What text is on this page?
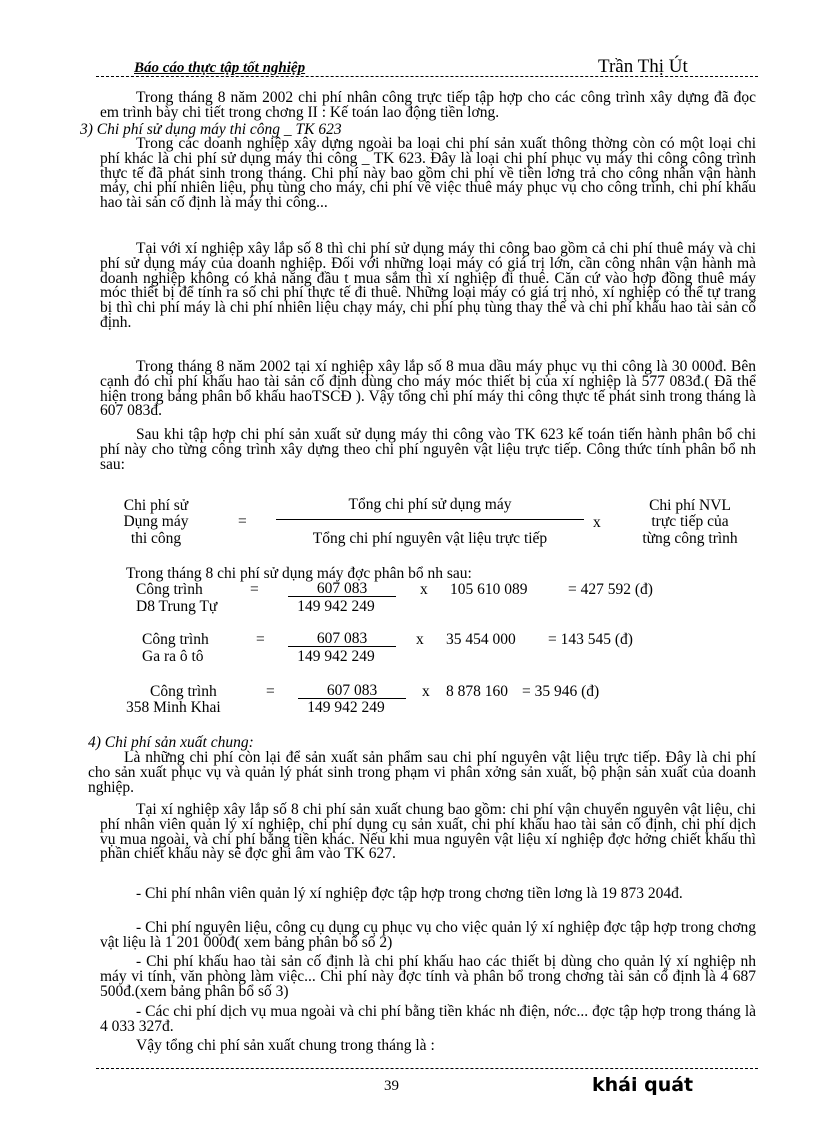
Báo cáo thực tập tốt nghiệp	Trần Thị Út

Trong tháng 8 năm 2002 chi phí nhân công trực tiếp tập hợp cho các công trình xây dựng đã đọc em trình bày chi tiết trong chơng II : Kế toán lao động tiền lơng.

3) Chi phí sử dụng máy thi công _ TK 623

Trong các doanh nghiệp xây dựng ngoài ba loại chi phí sản xuất thông thờng còn có một loại chi phí khác là chi phí sử dụng máy thi công _ TK 623. Đây là loại chi phí phục vụ máy thi công công trình thực tế đã phát sinh trong tháng. Chi phí này bao gồm chi phí về tiền lơng trả cho công nhân vận hành máy, chi phí nhiên liệu, phụ tùng cho máy, chi phí về việc thuê máy phục vụ cho công trình, chi phí khấu hao tài sản cố định là máy thi công...

Tại với xí nghiệp xây lắp số 8 thì chi phí sử dụng máy thi công bao gồm cả chi phí thuê máy và chi phí sử dụng máy của doanh nghiệp. Đối với những loại máy có giá trị lớn, cần công nhân vận hành mà doanh nghiệp không có khả năng đầu t mua sắm thì xí nghiệp đi thuê. Căn cứ vào hợp đồng thuê máy móc thiết bị để tính ra số chi phí thực tế đi thuê. Những loại máy có giá trị nhỏ, xí nghiệp có thể tự trang bị thì chi phí máy là chi phí nhiên liệu chạy máy, chi phí phụ tùng thay thế và chi phí khấu hao tài sản cố định.

Trong tháng 8 năm 2002 tại xí nghiệp xây lắp số 8 mua dầu máy phục vụ thi công là 30 000đ. Bên cạnh đó chi phí khấu hao tài sản cố định dùng cho máy móc thiết bị của xí nghiệp là 577 083đ.( Đã thể hiện trong bảng phân bổ khấu haoTSCĐ ). Vậy tổng chi phí máy thi công thực tế phát sinh trong tháng là 607 083đ.

Sau khi tập hợp chi phí sản xuất sử dụng máy thi công vào TK 623 kế toán tiến hành phân bổ chi phí này cho từng công trình xây dựng theo chi phí nguyên vật liệu trực tiếp. Công thức tính phân bổ nh sau:

Chi phí sử
Dụng máy
thi công
=
Tổng chi phí sử dụng máy
Tổng chi phí nguyên vật liệu trực tiếp
x
Chi phí NVL
trực tiếp của
từng công trình
Trong tháng 8 chi phí sử dụng máy đợc phân bổ nh sau:
Công trình
D8 Trung Tự
=	607 083
149 942 249
x 105 610 089	= 427 592 (đ)
Công trình
Ga ra ô tô
=	607 083
149 942 249
x 35 454 000 = 143 545 (đ)
Công trình
358 Minh Khai
=	607 083
149 942 249
x 8 878 160 = 35 946 (đ)
4) Chi phí sản xuất chung:

Là những chi phí còn lại để sản xuất sản phẩm sau chi phí nguyên vật liệu trực tiếp. Đây là chi phí cho sản xuất phục vụ và quản lý phát sinh trong phạm vi phân xởng sản xuất, bộ phận sản xuất của doanh nghiệp.

Tại xí nghiệp xây lắp số 8 chi phí sản xuất chung bao gồm: chi phí vận chuyển nguyên vật liệu, chi phí nhân viên quản lý xí nghiệp, chi phí dụng cụ sản xuất, chi phí khấu hao tài sản cố định, chi phí dịch vụ mua ngoài, và chi phí bằng tiền khác. Nếu khi mua nguyên vật liệu xí nghiệp đợc hởng chiết khấu thì phần chiết khấu này sẽ đợc ghi âm vào TK 627.

- Chi phí nhân viên quản lý xí nghiệp đợc tập hợp trong chơng tiền lơng là 19 873 204đ.

- Chi phí nguyên liệu, công cụ dụng cụ phục vụ cho việc quản lý xí nghiệp đợc tập hợp trong chơng vật liệu là 1 201 000đ( xem bảng phân bổ số 2)

- Chi phí khấu hao tài sản cố định là chi phí khấu hao các thiết bị dùng cho quản lý xí nghiệp nh máy vi tính, văn phòng làm việc... Chi phí này đợc tính và phân bổ trong chơng tài sản cố định là 4 687 500đ.(xem bảng phân bổ số 3)

- Các chi phí dịch vụ mua ngoài và chi phí bằng tiền khác nh điện, nớc... đợc tập hợp trong tháng là 4 033 327đ.

Vậy tổng chi phí sản xuất chung trong tháng là :

39	khái quát
